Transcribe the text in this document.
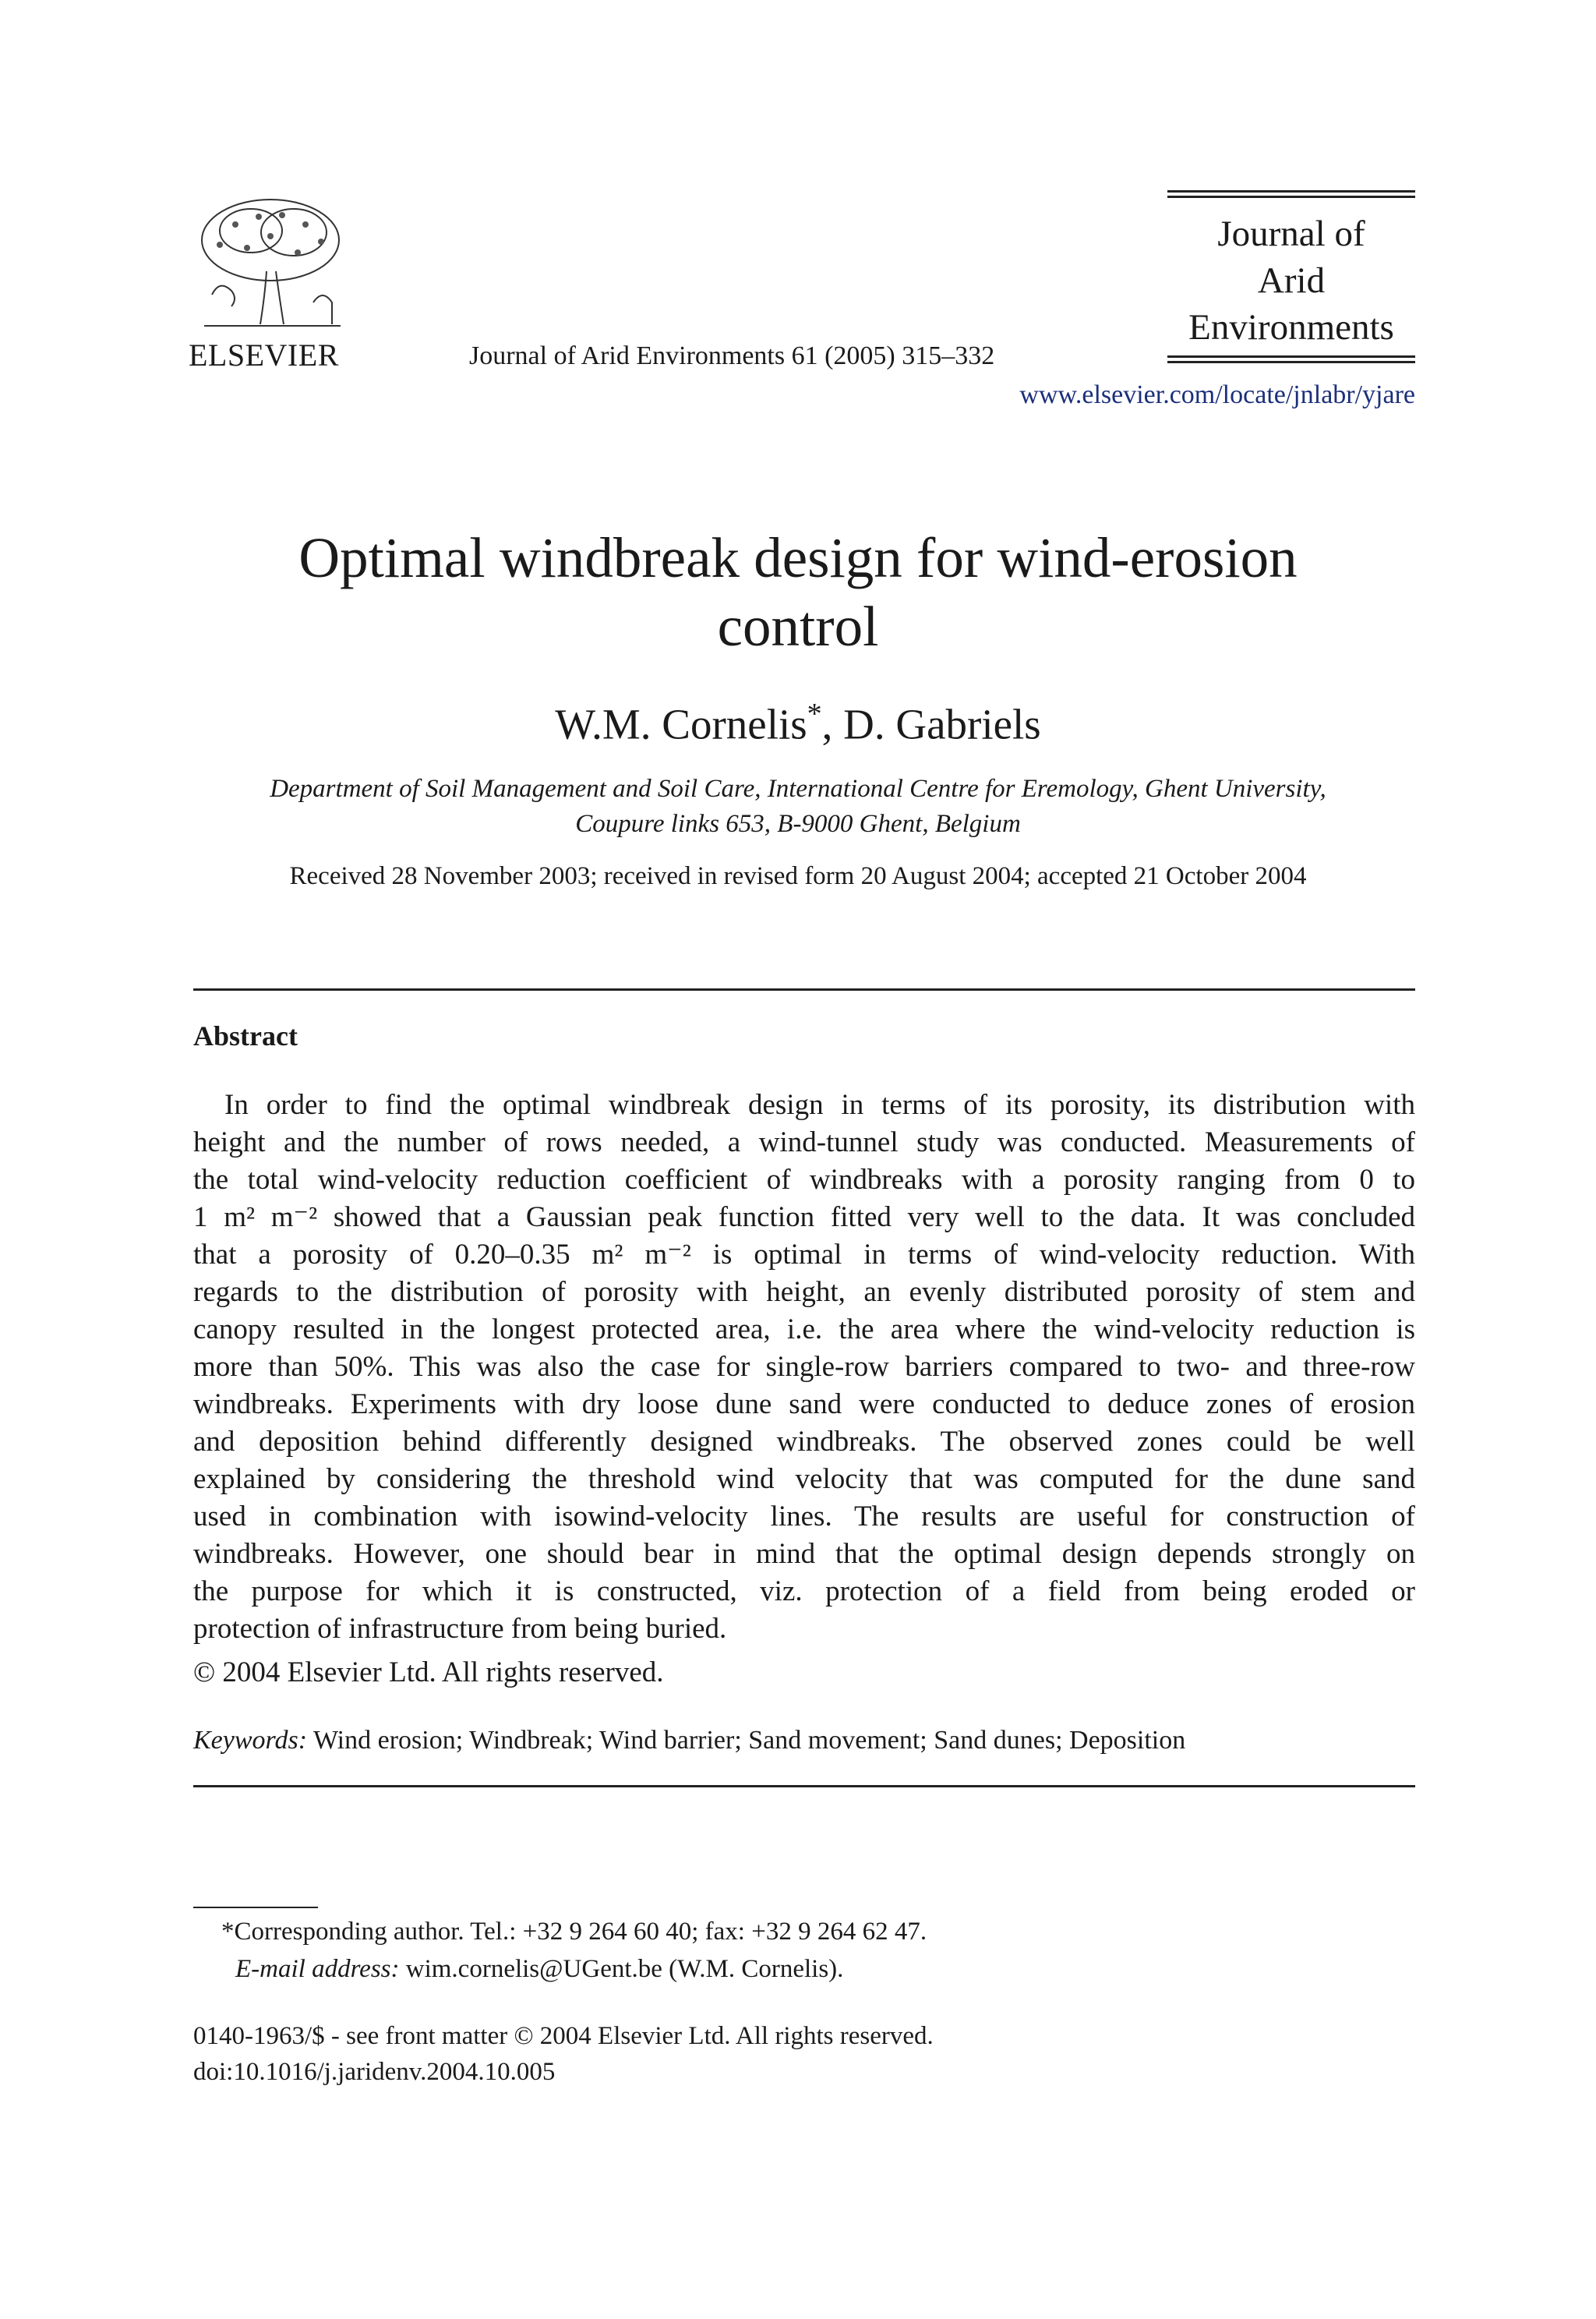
ELSEVIER	Journal of Arid Environments 61 (2005) 315–332
Journal of
Arid
Environments
www.elsevier.com/locate/jnlabr/yjare
Optimal windbreak design for wind-erosion
control
W.M. Cornelis*, D. Gabriels
Department of Soil Management and Soil Care, International Centre for Eremology, Ghent University,
Coupure links 653, B-9000 Ghent, Belgium
Received 28 November 2003; received in revised form 20 August 2004; accepted 21 October 2004
Abstract
In order to find the optimal windbreak design in terms of its porosity, its distribution with
height and the number of rows needed, a wind-tunnel study was conducted. Measurements of
the total wind-velocity reduction coefficient of windbreaks with a porosity ranging from 0 to
1 m² m⁻² showed that a Gaussian peak function fitted very well to the data. It was concluded
that a porosity of 0.20–0.35 m² m⁻² is optimal in terms of wind-velocity reduction. With
regards to the distribution of porosity with height, an evenly distributed porosity of stem and
canopy resulted in the longest protected area, i.e. the area where the wind-velocity reduction is
more than 50%. This was also the case for single-row barriers compared to two- and three-row
windbreaks. Experiments with dry loose dune sand were conducted to deduce zones of erosion
and deposition behind differently designed windbreaks. The observed zones could be well
explained by considering the threshold wind velocity that was computed for the dune sand
used in combination with isowind-velocity lines. The results are useful for construction of
windbreaks. However, one should bear in mind that the optimal design depends strongly on
the purpose for which it is constructed, viz. protection of a field from being eroded or
protection of infrastructure from being buried.
© 2004 Elsevier Ltd. All rights reserved.
Keywords: Wind erosion; Windbreak; Wind barrier; Sand movement; Sand dunes; Deposition
*Corresponding author. Tel.: +32 9 264 60 40; fax: +32 9 264 62 47.
E-mail address: wim.cornelis@UGent.be (W.M. Cornelis).
0140-1963/$ - see front matter © 2004 Elsevier Ltd. All rights reserved.
doi:10.1016/j.jaridenv.2004.10.005
